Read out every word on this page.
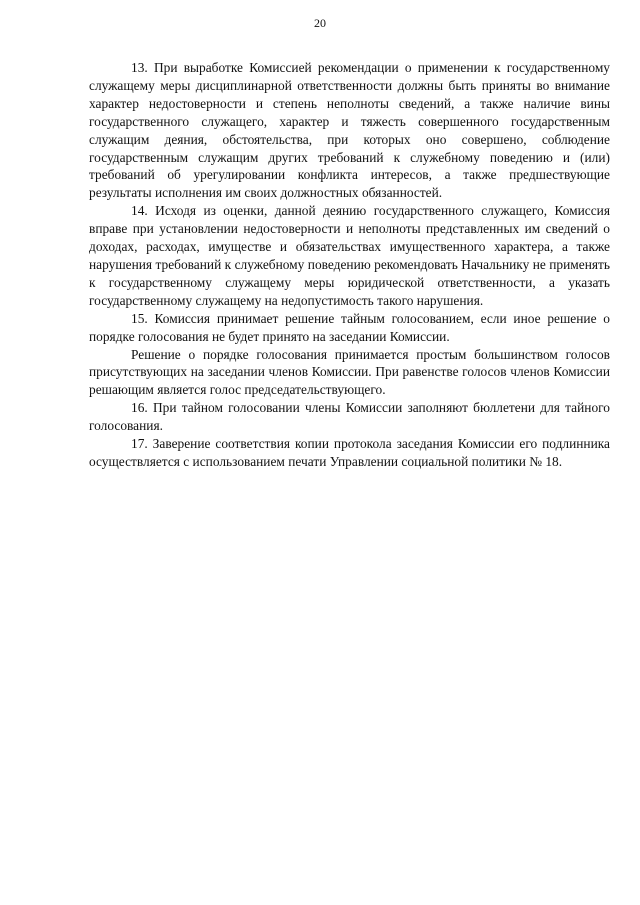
20

13. При выработке Комиссией рекомендации о применении к государственному служащему меры дисциплинарной ответственности должны быть приняты во внимание характер недостоверности и степень неполноты сведений, а также наличие вины государственного служащего, характер и тяжесть совершенного государственным служащим деяния, обстоятельства, при которых оно совершено, соблюдение государственным служащим других требований к служебному поведению и (или) требований об урегулировании конфликта интересов, а также предшествующие результаты исполнения им своих должностных обязанностей.

14. Исходя из оценки, данной деянию государственного служащего, Комиссия вправе при установлении недостоверности и неполноты представленных им сведений о доходах, расходах, имуществе и обязательствах имущественного характера, а также нарушения требований к служебному поведению рекомендовать Начальнику не применять к государственному служащему меры юридической ответственности, а указать государственному служащему на недопустимость такого нарушения.

15. Комиссия принимает решение тайным голосованием, если иное решение о порядке голосования не будет принято на заседании Комиссии.

Решение о порядке голосования принимается простым большинством голосов присутствующих на заседании членов Комиссии. При равенстве голосов членов Комиссии решающим является голос председательствующего.

16. При тайном голосовании члены Комиссии заполняют бюллетени для тайного голосования.

17. Заверение соответствия копии протокола заседания Комиссии его подлинника осуществляется с использованием печати Управлении социальной политики № 18.
